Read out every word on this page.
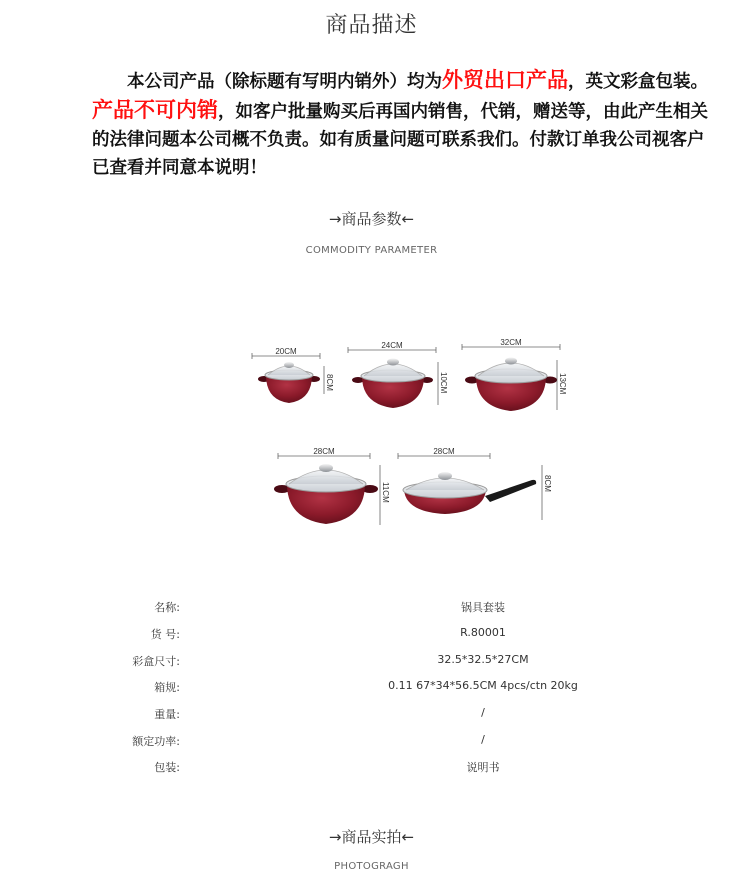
商品描述

本公司产品（除标题有写明内销外）均为外贸出口产品，英文彩盒包装。产品不可内销，如客户批量购买后再国内销售，代销，赠送等，由此产生相关的法律问题本公司概不负责。如有质量问题可联系我们。付款订单我公司视客户已查看并同意本说明！

→商品参数←
COMMODITY PARAMETER
20CM
8CM
24CM
10CM
32CM
13CM
28CM
11CM
28CM
8CM
名称:	锅具套装
货 号:	R.80001
彩盒尺寸:	32.5*32.5*27CM
箱规:	0.11 67*34*56.5CM 4pcs/ctn 20kg
重量:	/
额定功率:	/
包装:	说明书
→商品实拍←
PHOTOGRAGH
